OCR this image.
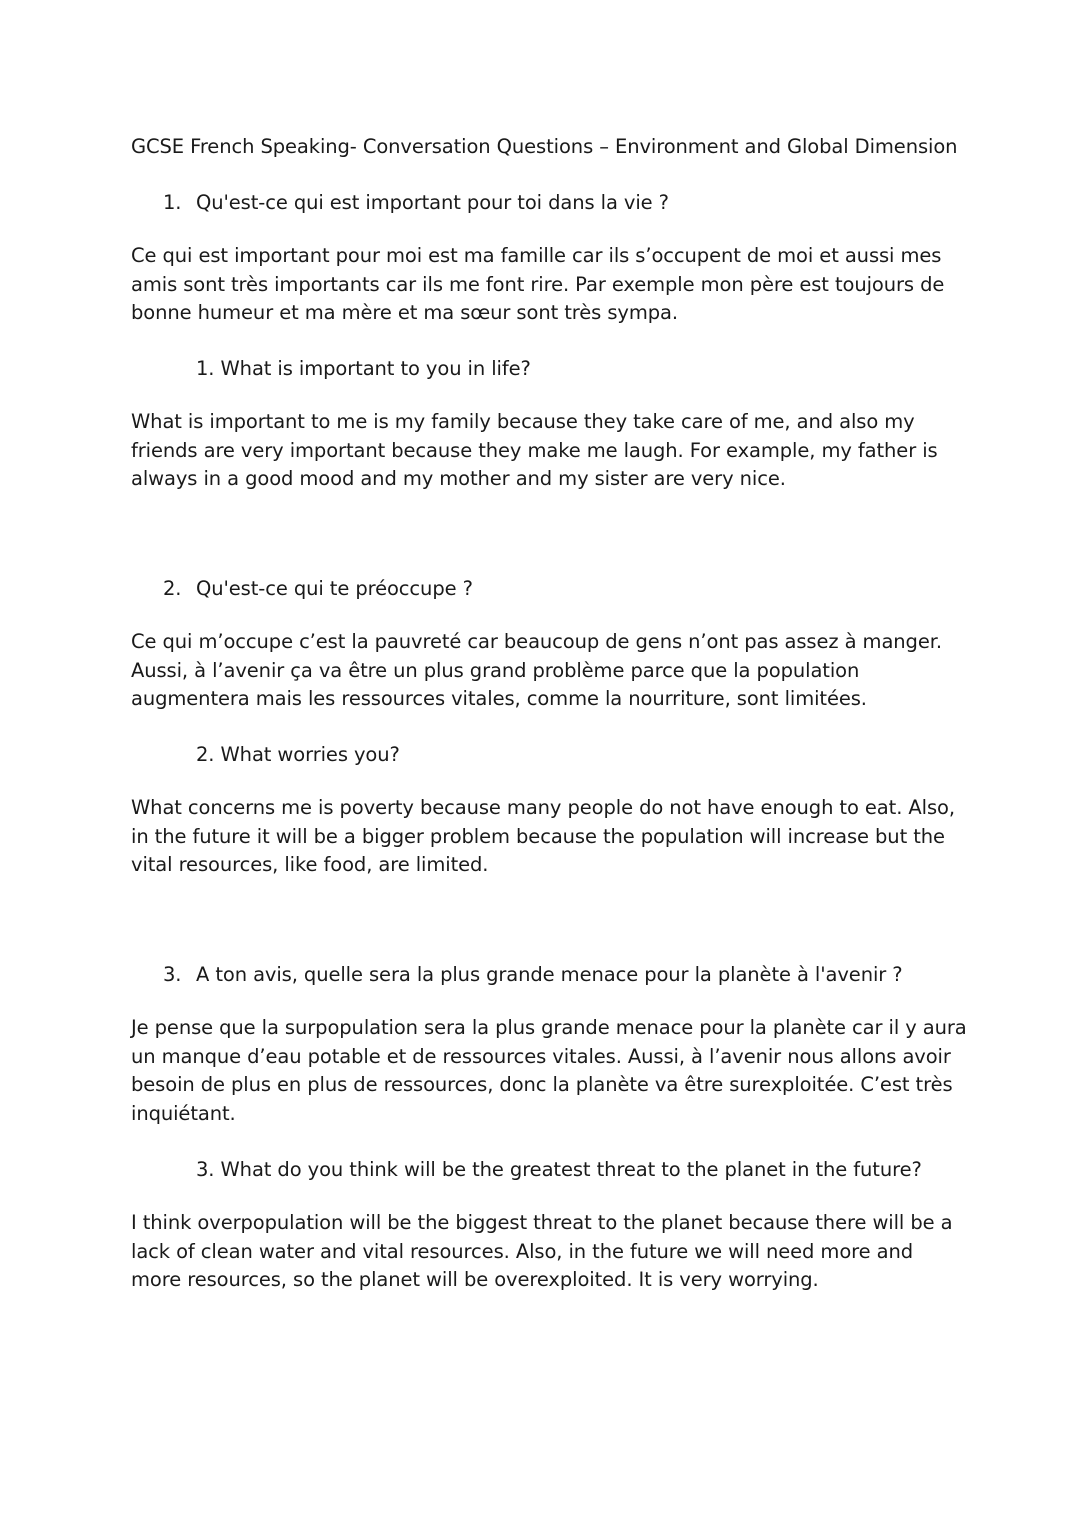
GCSE French Speaking- Conversation Questions – Environment and Global Dimension
1. Qu'est-ce qui est important pour toi dans la vie ?
Ce qui est important pour moi est ma famille car ils s’occupent de moi et aussi mes
amis sont très importants car ils me font rire. Par exemple mon père est toujours de
bonne humeur et ma mère et ma sœur sont très sympa.
1. What is important to you in life?
What is important to me is my family because they take care of me, and also my
friends are very important because they make me laugh. For example, my father is
always in a good mood and my mother and my sister are very nice.
2. Qu'est-ce qui te préoccupe ?
Ce qui m’occupe c’est la pauvreté car beaucoup de gens n’ont pas assez à manger.
Aussi, à l’avenir ça va être un plus grand problème parce que la population
augmentera mais les ressources vitales, comme la nourriture, sont limitées.
2. What worries you?
What concerns me is poverty because many people do not have enough to eat. Also,
in the future it will be a bigger problem because the population will increase but the
vital resources, like food, are limited.
3. A ton avis, quelle sera la plus grande menace pour la planète à l'avenir ?
Je pense que la surpopulation sera la plus grande menace pour la planète car il y aura
un manque d’eau potable et de ressources vitales. Aussi, à l’avenir nous allons avoir
besoin de plus en plus de ressources, donc la planète va être surexploitée. C’est très
inquiétant.
3. What do you think will be the greatest threat to the planet in the future?
I think overpopulation will be the biggest threat to the planet because there will be a
lack of clean water and vital resources. Also, in the future we will need more and
more resources, so the planet will be overexploited. It is very worrying.
